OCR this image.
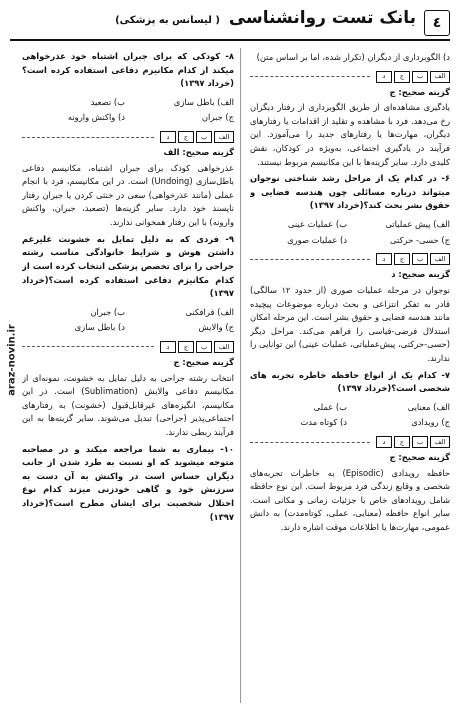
٤
بانک تست روانشناسی ( لیسانس به پزشکی)
araz-novin.ir
د) الگوبرداری از دیگران (تکرار شده، اما بر اساس متن)
د	ج	ب	الف
گزینه صحیح: ج
یادگیری مشاهده‌ای از طریق الگوبرداری از رفتار دیگران رخ می‌دهد. فرد با مشاهده و تقلید از اقدامات یا رفتارهای دیگران، مهارت‌ها یا رفتارهای جدید را می‌آموزد. این فرآیند در یادگیری اجتماعی، به‌ویژه در کودکان، نقش کلیدی دارد. سایر گزینه‌ها با این مکانیسم مربوط نیستند.
۶- در کدام یک از مراحل رشد شناختی نوجوان میتواند درباره مسائلی چون هندسه فضایی و حقوق بشر بحث کند؟(خرداد ۱۳۹۷)
الف) پیش عملیاتی
ب) عملیات عینی
ج) حسی- حرکتی
د) عملیات صوری
د	ج	ب	الف
گزینه صحیح: د
نوجوان در مرحله عملیات صوری (از حدود ۱۲ سالگی) قادر به تفکر انتزاعی و بحث درباره موضوعات پیچیده مانند هندسه فضایی و حقوق بشر است. این مرحله امکان استدلال فرضی-قیاسی را فراهم می‌کند. مراحل دیگر (حسی-حرکتی، پیش‌عملیاتی، عملیات عینی) این توانایی را ندارند.
۷- کدام یک از انواع حافظه خاطره تجربه های شخصی است؟(خرداد ۱۳۹۷)
الف) معنایی
ب) عملی
ج) رویدادی
د) کوتاه مدت
د	ج	ب	الف
گزینه صحیح: ج
حافظه رویدادی (Episodic) به خاطرات تجربه‌های شخصی و وقایع زندگی فرد مربوط است. این نوع حافظه شامل رویدادهای خاص با جزئیات زمانی و مکانی است. سایر انواع حافظه (معنایی، عملی، کوتاه‌مدت) به دانش عمومی، مهارت‌ها یا اطلاعات موقت اشاره دارند.
۸- کودکی که برای جبران اشتباه خود عذرخواهی میکند از کدام مکانیزم دفاعی استفاده کرده است؟(خرداد ۱۳۹۷)
الف) باطل سازی
ب) تصعید
ج) جبران
د) واکنش وارونه
د	ج	ب	الف
گزینه صحیح: الف
عذرخواهی کودک برای جبران اشتباه، مکانیسم دفاعی باطل‌سازی (Undoing) است. در این مکانیسم، فرد با انجام عملی (مانند عذرخواهی) سعی در خنثی کردن یا جبران رفتار ناپسند خود دارد. سایر گزینه‌ها (تصعید، جبران، واکنش وارونه) با این رفتار همخوانی ندارند.
۹- فردی که به دلیل تمایل به خشونت علیرغم داشتن هوش و شرایط خانوادگی مناسب رشته جراحی را برای تخصص پزشکی انتخاب کرده است از کدام مکانیزم دفاعی استفاده کرده است؟(خرداد ۱۳۹۷)
الف) فرافکنی
ب) جبران
ج) والایش
د) باطل سازی
د	ج	ب	الف
گزینه صحیح: ج
انتخاب رشته جراحی به دلیل تمایل به خشونت، نمونه‌ای از مکانیسم دفاعی والایش (Sublimation) است. در این مکانیسم، انگیزه‌های غیرقابل‌قبول (خشونت) به رفتارهای اجتماعی‌پذیر (جراحی) تبدیل می‌شوند. سایر گزینه‌ها به این فرآیند ربطی ندارند.
۱۰- بیماری به شما مراجعه میکند و در مصاحبه متوجه میشوید که او نسبت به طرد شدن از جانب دیگران حساس است در واکنش به آن دست به سرزنش خود و گاهی خودزنی میزند کدام نوع اختلال شخصیت برای ایشان مطرح است؟(خرداد ۱۳۹۷)
